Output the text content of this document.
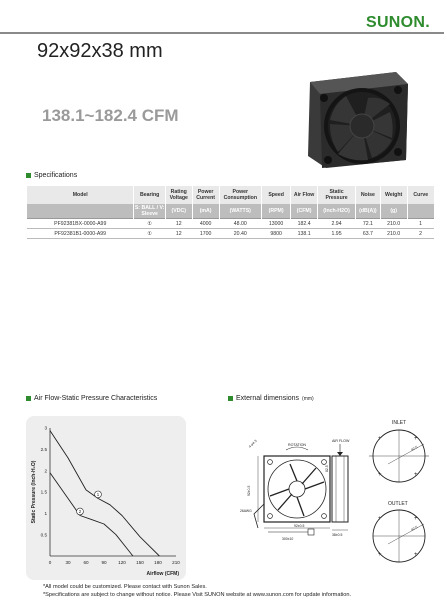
SUNON.
92x92x38 mm
138.1~182.4 CFM
Specifications
Model	Bearing	Rating Voltage	Power Current	Power Consumption	Speed	Air Flow	Static Pressure	Noise	Weight	Curve
	S: BALL / V: Sleeve	(VDC)	(mA)	(WATTS)	(RPM)	(CFM)	(Inch-H2O)	(dB(A))	(g)	
PF92381BX-0000-A99	①	12	4000	48.00	13000	182.4	2.94	72.1	210.0	1
PF92381B1-0000-A99	①	12	1700	20.40	9800	138.1	1.95	63.7	210.0	2
Air Flow-Static Pressure Characteristics	External dimensions (mm)
0	30	60	90	120 150 180 210
0.5
1
1.5
2
2.5
3
Airflow (CFM)
Static Pressure (Inch-H₂O)	1
2
+	+
+	+
+	+
+	+
ROTATION
AIR FLOW
INLET
OUTLET
92±0.5
92±0.5
38±0.5
4-ø4.3
26AWG
82.5
300±10
82.5
82.5
*All model could be customized. Please contact with Sunon Sales.
*Specifications are subject to change without notice. Please Visit SUNON website at www.sunon.com for update information.
